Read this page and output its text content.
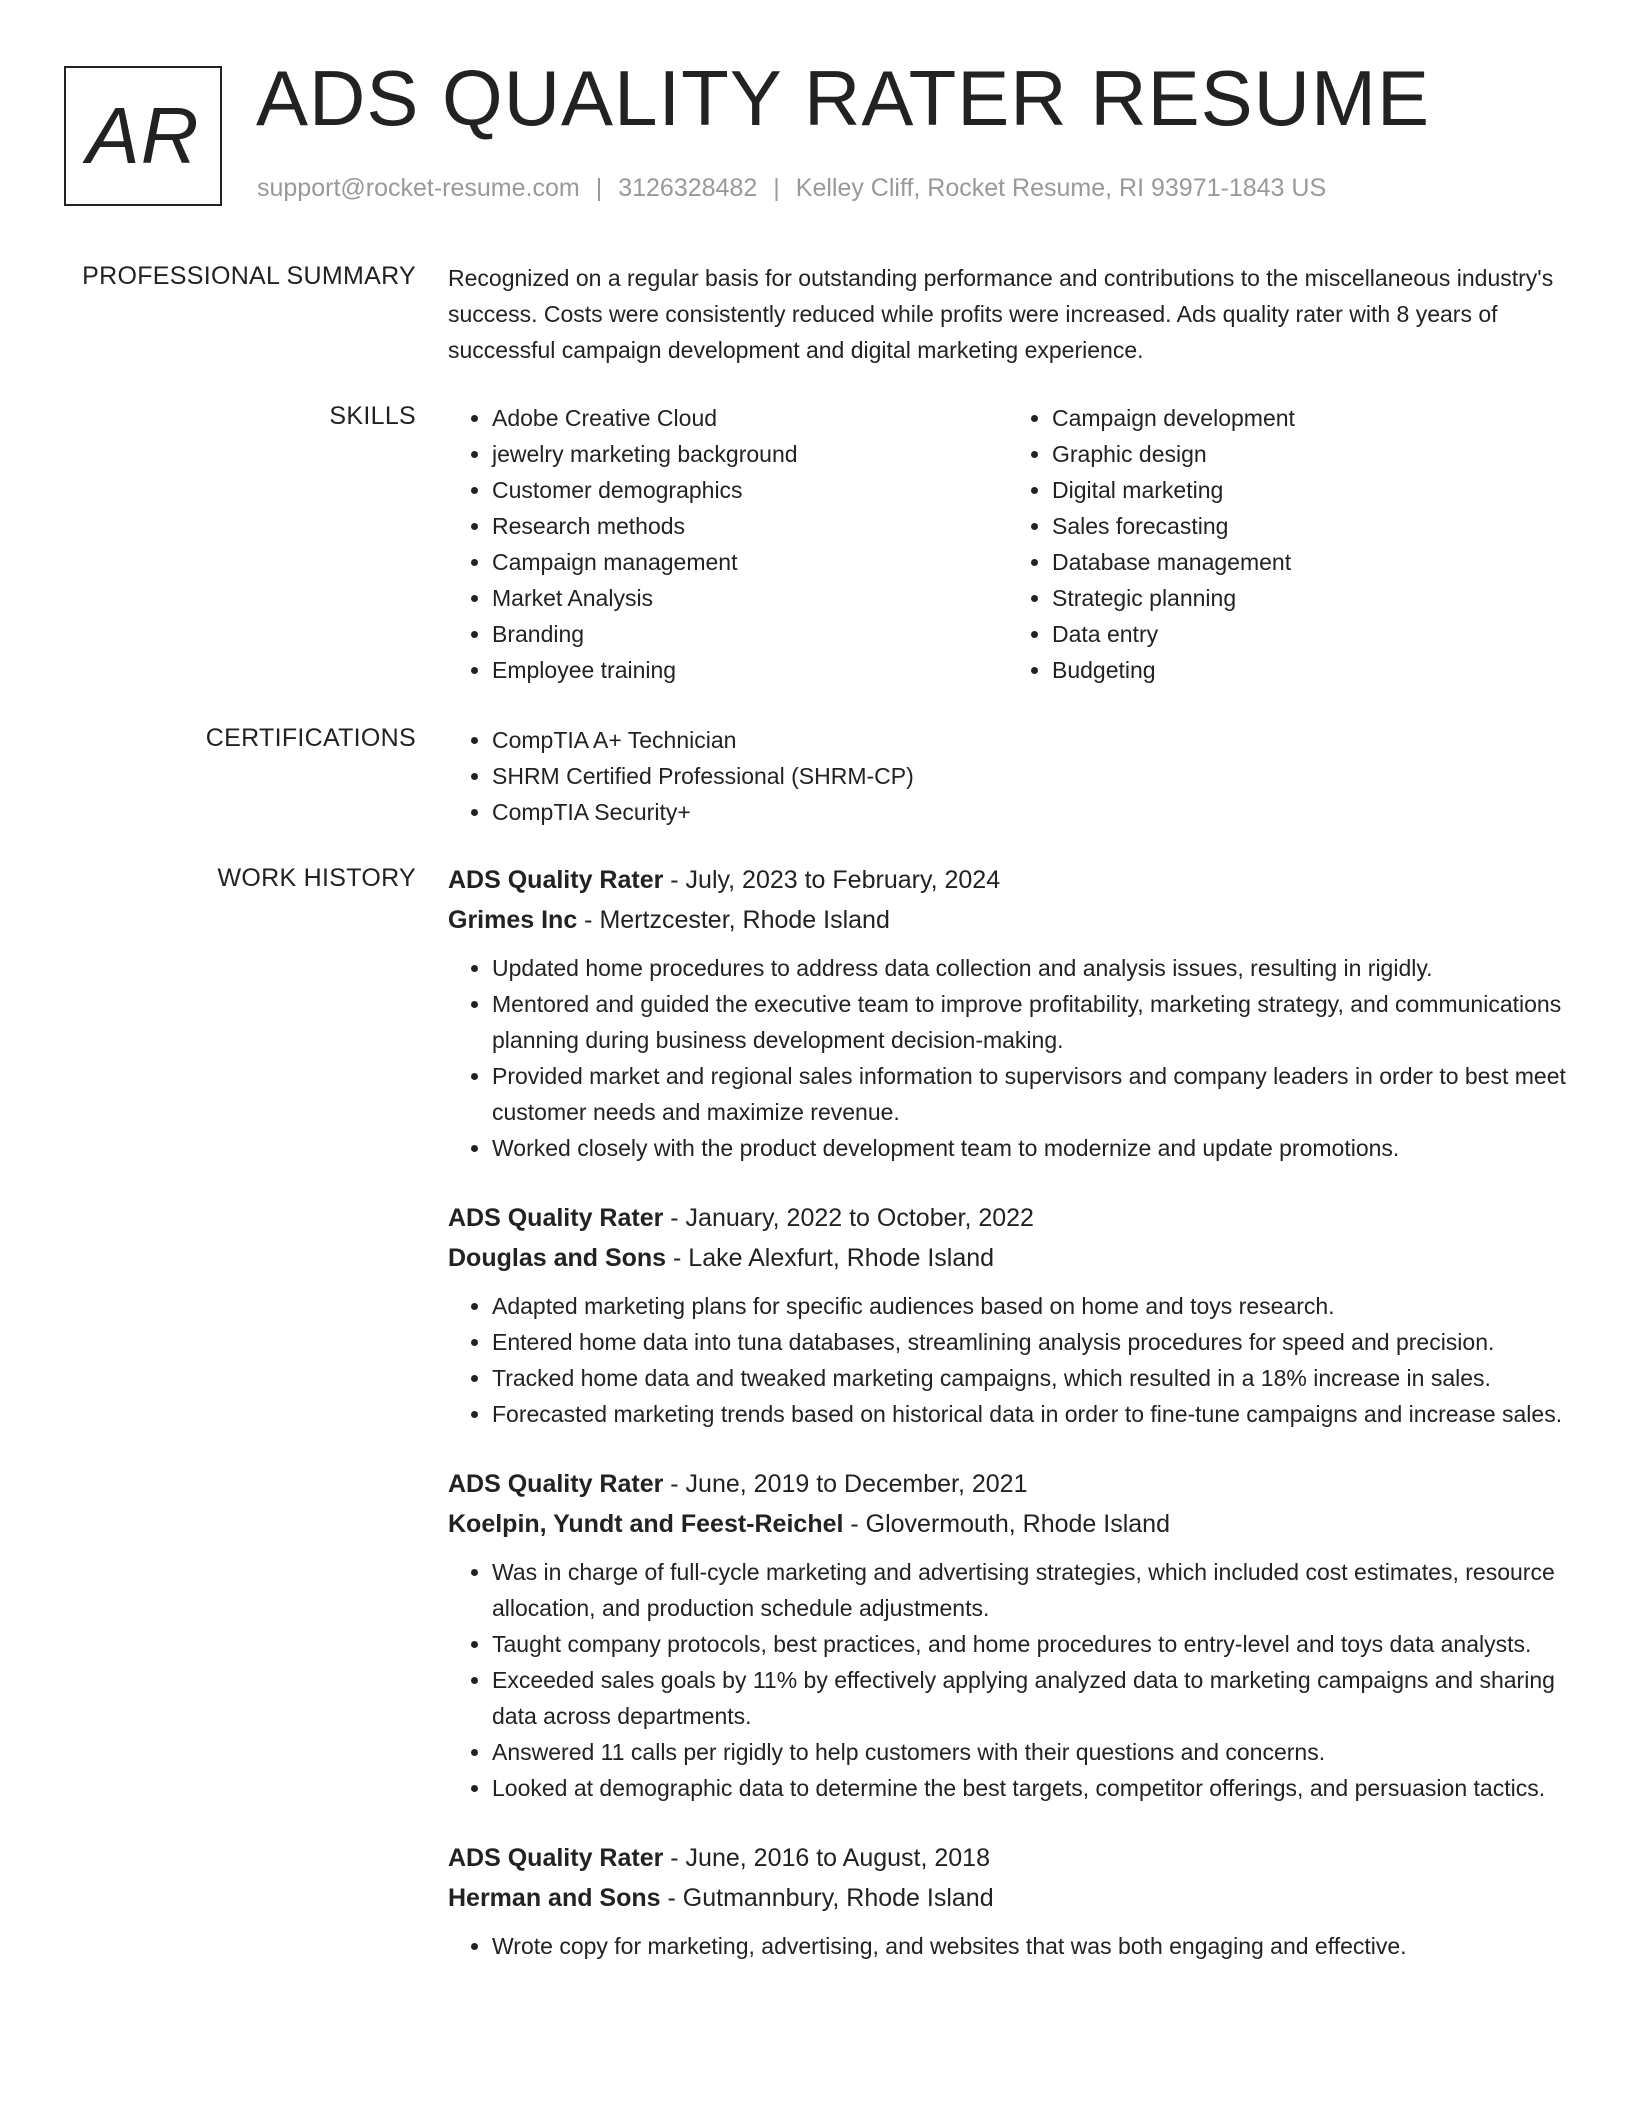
AR ADS QUALITY RATER RESUME
support@rocket-resume.com | 3126328482 | Kelley Cliff, Rocket Resume, RI 93971-1843 US
PROFESSIONAL SUMMARY Recognized on a regular basis for outstanding performance and contributions to the miscellaneous industry's success. Costs were consistently reduced while profits were increased. Ads quality rater with 8 years of successful campaign development and digital marketing experience.

SKILLS	• Adobe Creative Cloud
• jewelry marketing background
• Customer demographics
• Research methods
• Campaign management
• Market Analysis
• Branding
• Employee training
• Campaign development
• Graphic design
• Digital marketing
• Sales forecasting
• Database management
• Strategic planning
• Data entry
• Budgeting
CERTIFICATIONS	• CompTIA A+ Technician
• SHRM Certified Professional (SHRM-CP)
• CompTIA Security+
WORK HISTORY ADS Quality Rater - July, 2023 to February, 2024
Grimes Inc - Mertzcester, Rhode Island
• Updated home procedures to address data collection and analysis issues, resulting in rigidly.
• Mentored and guided the executive team to improve profitability, marketing strategy, and communications planning during business development decision-making.
• Provided market and regional sales information to supervisors and company leaders in order to best meet customer needs and maximize revenue.
• Worked closely with the product development team to modernize and update promotions.
ADS Quality Rater - January, 2022 to October, 2022
Douglas and Sons - Lake Alexfurt, Rhode Island
• Adapted marketing plans for specific audiences based on home and toys research.
• Entered home data into tuna databases, streamlining analysis procedures for speed and precision.
• Tracked home data and tweaked marketing campaigns, which resulted in a 18% increase in sales.
• Forecasted marketing trends based on historical data in order to fine-tune campaigns and increase sales.
ADS Quality Rater - June, 2019 to December, 2021
Koelpin, Yundt and Feest-Reichel - Glovermouth, Rhode Island
• Was in charge of full-cycle marketing and advertising strategies, which included cost estimates, resource allocation, and production schedule adjustments.
• Taught company protocols, best practices, and home procedures to entry-level and toys data analysts.
• Exceeded sales goals by 11% by effectively applying analyzed data to marketing campaigns and sharing data across departments.
• Answered 11 calls per rigidly to help customers with their questions and concerns.
• Looked at demographic data to determine the best targets, competitor offerings, and persuasion tactics.
ADS Quality Rater - June, 2016 to August, 2018
Herman and Sons - Gutmannbury, Rhode Island
• Wrote copy for marketing, advertising, and websites that was both engaging and effective.
